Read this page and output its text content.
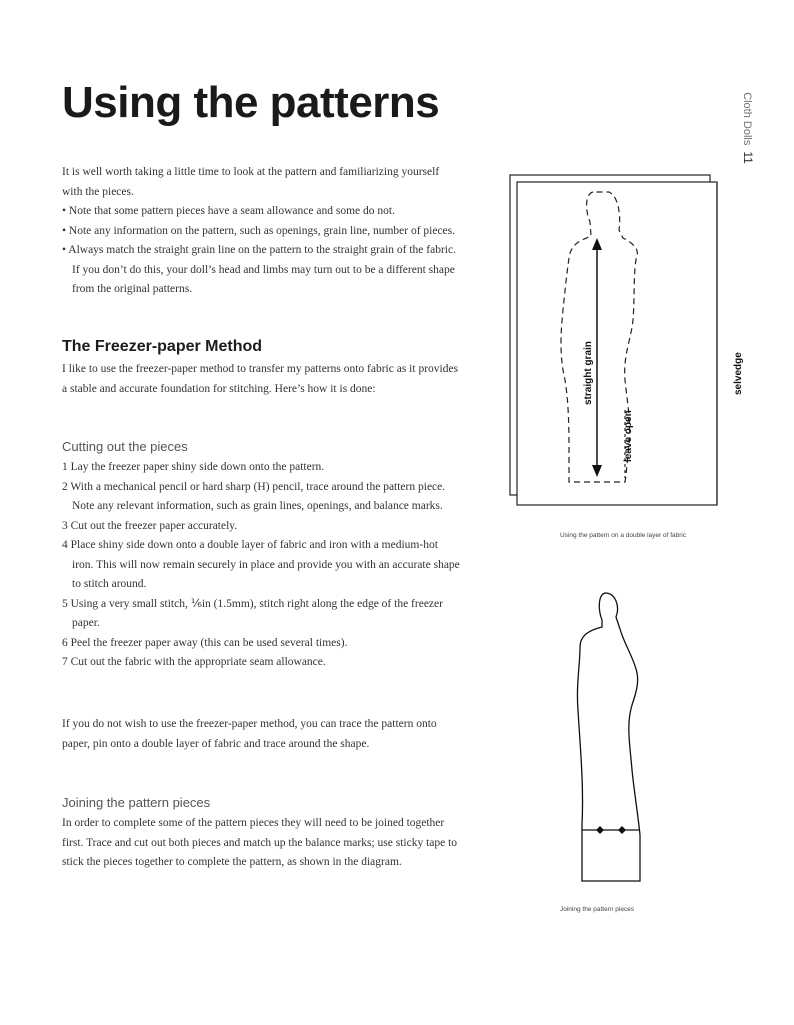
Using the patterns	Cloth Dolls11

It is well worth taking a little time to look at the pattern and familiarizing yourself with the pieces.

• Note that some pattern pieces have a seam allowance and some do not.

• Note any information on the pattern, such as openings, grain line, number of pieces.

• Always match the straight grain line on the pattern to the straight grain of the fabric. If you don’t do this, your doll’s head and limbs may turn out to be a different shape from the original patterns.

The Freezer-paper Method

I like to use the freezer-paper method to transfer my patterns onto fabric as it provides a stable and accurate foundation for stitching. Here’s how it is done:

Cutting out the pieces

1 Lay the freezer paper shiny side down onto the pattern.

2 With a mechanical pencil or hard sharp (H) pencil, trace around the pattern piece. Note any relevant information, such as grain lines, openings, and balance marks.

3 Cut out the freezer paper accurately.

4 Place shiny side down onto a double layer of fabric and iron with a medium-hot iron. This will now remain securely in place and provide you with an accurate shape to stitch around.

5 Using a very small stitch, ⅙in (1.5mm), stitch right along the edge of the freezer paper.

6 Peel the freezer paper away (this can be used several times).

7 Cut out the fabric with the appropriate seam allowance.

If you do not wish to use the freezer-paper method, you can trace the pattern onto paper, pin onto a double layer of fabric and trace around the shape.

Joining the pattern pieces

In order to complete some of the pattern pieces they will need to be joined together first. Trace and cut out both pieces and match up the balance marks; use sticky tape to stick the pieces together to complete the pattern, as shown in the diagram.

straight grain
leave open
selvedge
Using the pattern on a double layer of fabric
Joining the pattern pieces
